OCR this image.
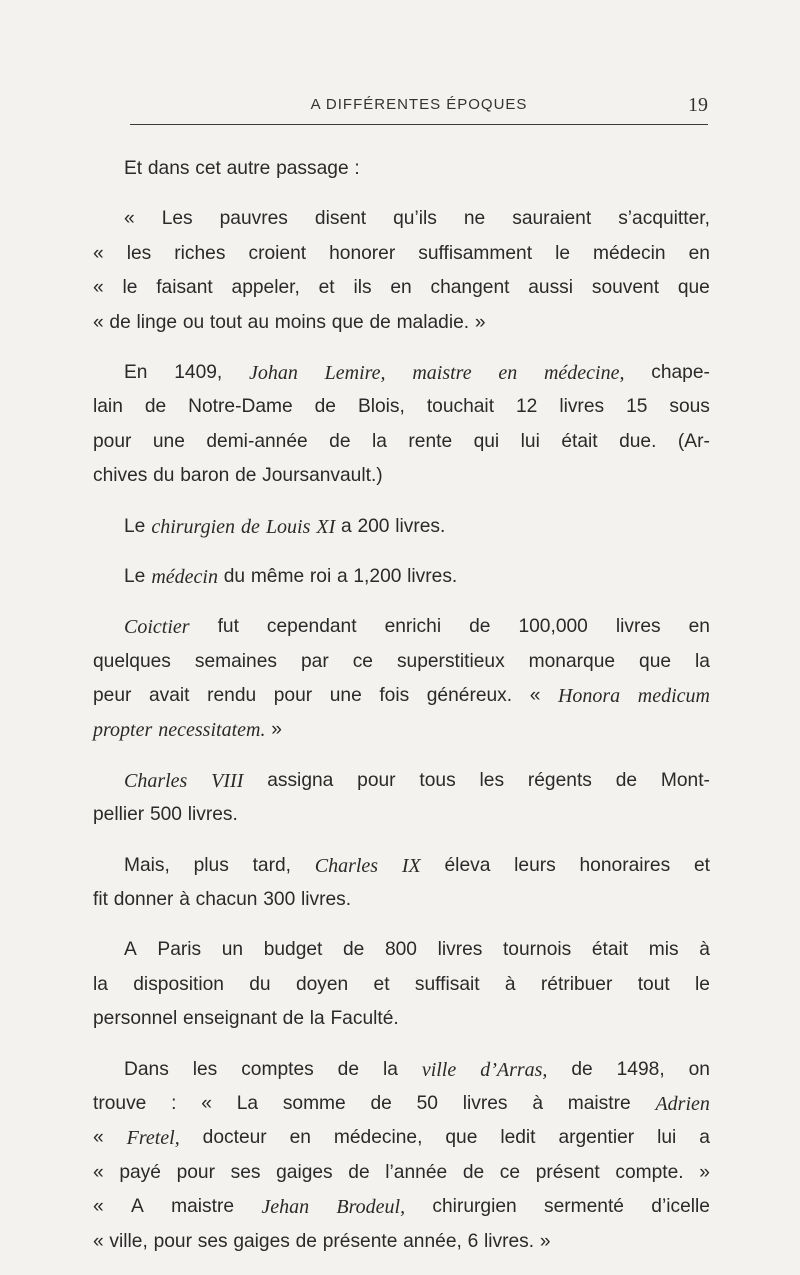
A DIFFÉRENTES ÉPOQUES	19
Et dans cet autre passage :
« Les pauvres disent qu’ils ne sauraient s’acquitter,
« les riches croient honorer suffisamment le médecin en
« le faisant appeler, et ils en changent aussi souvent que
« de linge ou tout au moins que de maladie. »
En 1409, Johan Lemire, maistre en médecine, chape-
lain de Notre-Dame de Blois, touchait 12 livres 15 sous
pour une demi-année de la rente qui lui était due. (Ar-
chives du baron de Joursanvault.)
Le chirurgien de Louis XI a 200 livres.
Le médecin du même roi a 1,200 livres.
Coictier fut cependant enrichi de 100,000 livres en
quelques semaines par ce superstitieux monarque que la
peur avait rendu pour une fois généreux. « Honora medicum
propter necessitatem. »
Charles VIII assigna pour tous les régents de Mont-
pellier 500 livres.
Mais, plus tard, Charles IX éleva leurs honoraires et
fit donner à chacun 300 livres.
A Paris un budget de 800 livres tournois était mis à
la disposition du doyen et suffisait à rétribuer tout le
personnel enseignant de la Faculté.
Dans les comptes de la ville d’Arras, de 1498, on
trouve : « La somme de 50 livres à maistre Adrien
« Fretel, docteur en médecine, que ledit argentier lui a
« payé pour ses gaiges de l’année de ce présent compte. »
« A maistre Jehan Brodeul, chirurgien sermenté d’icelle
« ville, pour ses gaiges de présente année, 6 livres. »
